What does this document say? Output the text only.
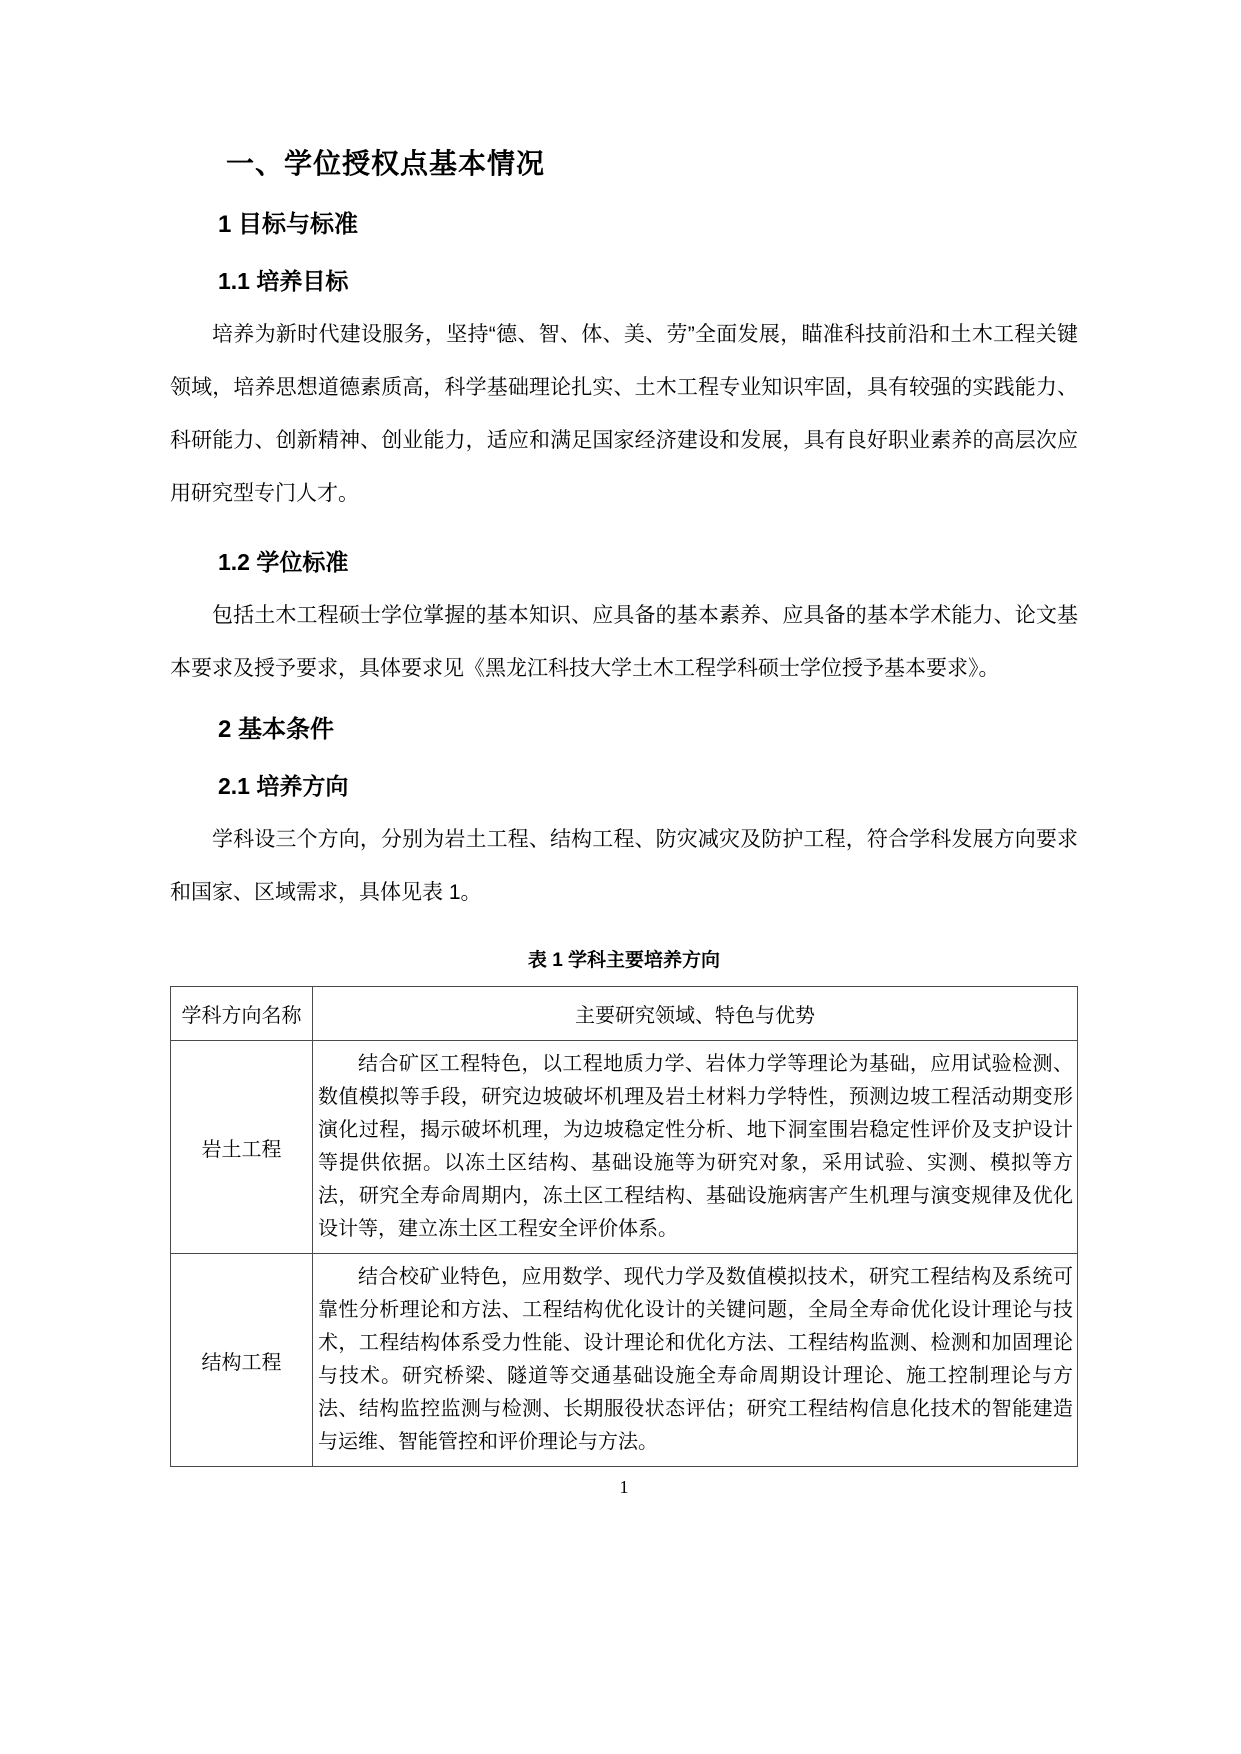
一、学位授权点基本情况
1 目标与标准
1.1 培养目标

培养为新时代建设服务，坚持“德、智、体、美、劳”全面发展，瞄准科技前沿和土木工程关键领域，培养思想道德素质高，科学基础理论扎实、土木工程专业知识牢固，具有较强的实践能力、科研能力、创新精神、创业能力，适应和满足国家经济建设和发展，具有良好职业素养的高层次应用研究型专门人才。

1.2 学位标准

包括土木工程硕士学位掌握的基本知识、应具备的基本素养、应具备的基本学术能力、论文基本要求及授予要求，具体要求见《黑龙江科技大学土木工程学科硕士学位授予基本要求》。

2 基本条件
2.1 培养方向

学科设三个方向，分别为岩土工程、结构工程、防灾减灾及防护工程，符合学科发展方向要求和国家、区域需求，具体见表 1。

表 1 学科主要培养方向
学科方向名称	主要研究领域、特色与优势
岩土工程	结合矿区工程特色，以工程地质力学、岩体力学等理论为基础，应用试验检测、数值模拟等手段，研究边坡破坏机理及岩土材料力学特性，预测边坡工程活动期变形演化过程，揭示破坏机理，为边坡稳定性分析、地下洞室围岩稳定性评价及支护设计等提供依据。以冻土区结构、基础设施等为研究对象，采用试验、实测、模拟等方法，研究全寿命周期内，冻土区工程结构、基础设施病害产生机理与演变规律及优化设计等，建立冻土区工程安全评价体系。

结构工程	结合校矿业特色，应用数学、现代力学及数值模拟技术，研究工程结构及系统可靠性分析理论和方法、工程结构优化设计的关键问题，全局全寿命优化设计理论与技术，工程结构体系受力性能、设计理论和优化方法、工程结构监测、检测和加固理论与技术。研究桥梁、隧道等交通基础设施全寿命周期设计理论、施工控制理论与方法、结构监控监测与检测、长期服役状态评估；研究工程结构信息化技术的智能建造与运维、智能管控和评价理论与方法。
1
